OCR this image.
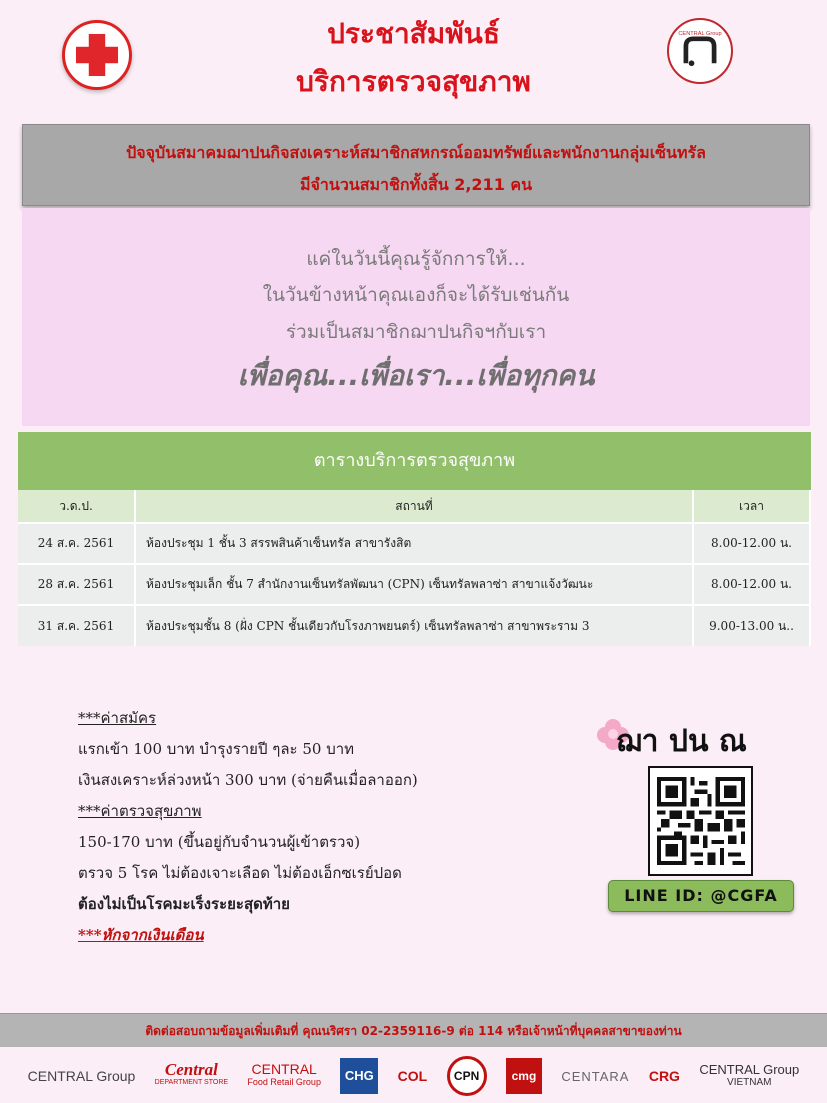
ประชาสัมพันธ์
บริการตรวจสุขภาพ
CENTRAL Group
ปัจจุบันสมาคมฌาปนกิจสงเคราะห์สมาชิกสหกรณ์ออมทรัพย์และพนักงานกลุ่มเซ็นทรัล
มีจำนวนสมาชิกทั้งสิ้น 2,211 คน
แค่ในวันนี้คุณรู้จักการให้...
ในวันข้างหน้าคุณเองก็จะได้รับเช่นกัน
ร่วมเป็นสมาชิกฌาปนกิจฯกับเรา
เพื่อคุณ...เพื่อเรา...เพื่อทุกคน
ตารางบริการตรวจสุขภาพ
ว.ด.ป.	สถานที่	เวลา
24 ส.ค. 2561	ห้องประชุม 1 ชั้น 3 สรรพสินค้าเซ็นทรัล สาขารังสิต	8.00-12.00 น.
28 ส.ค. 2561	ห้องประชุมเล็ก ชั้น 7 สำนักงานเซ็นทรัลพัฒนา (CPN) เซ็นทรัลพลาซ่า สาขาแจ้งวัฒนะ	8.00-12.00 น.
31 ส.ค. 2561	ห้องประชุมชั้น 8 (ฝั่ง CPN ชั้นเดียวกับโรงภาพยนตร์) เซ็นทรัลพลาซ่า สาขาพระราม 3	9.00-13.00 น..
***ค่าสมัคร
แรกเข้า 100 บาท บำรุงรายปี ๆละ 50 บาท
เงินสงเคราะห์ล่วงหน้า 300 บาท (จ่ายคืนเมื่อลาออก)
***ค่าตรวจสุขภาพ
150-170 บาท (ขึ้นอยู่กับจำนวนผู้เข้าตรวจ)
ตรวจ 5 โรค ไม่ต้องเจาะเลือด ไม่ต้องเอ็กซเรย์ปอด
ต้องไม่เป็นโรคมะเร็งระยะสุดท้าย
***หักจากเงินเดือน
ฌา ปน ณ
LINE ID: @CGFA
ติดต่อสอบถามข้อมูลเพิ่มเติมที่ คุณนริศรา 02-2359116-9 ต่อ 114 หรือเจ้าหน้าที่บุคคลสาขาของท่าน
CENTRAL Group	Central
DEPARTMENT STORE
CENTRAL
Food Retail Group	CHG	COL	CPN	cmg	CENTARA CRG CENTRAL Group
VIETNAM
